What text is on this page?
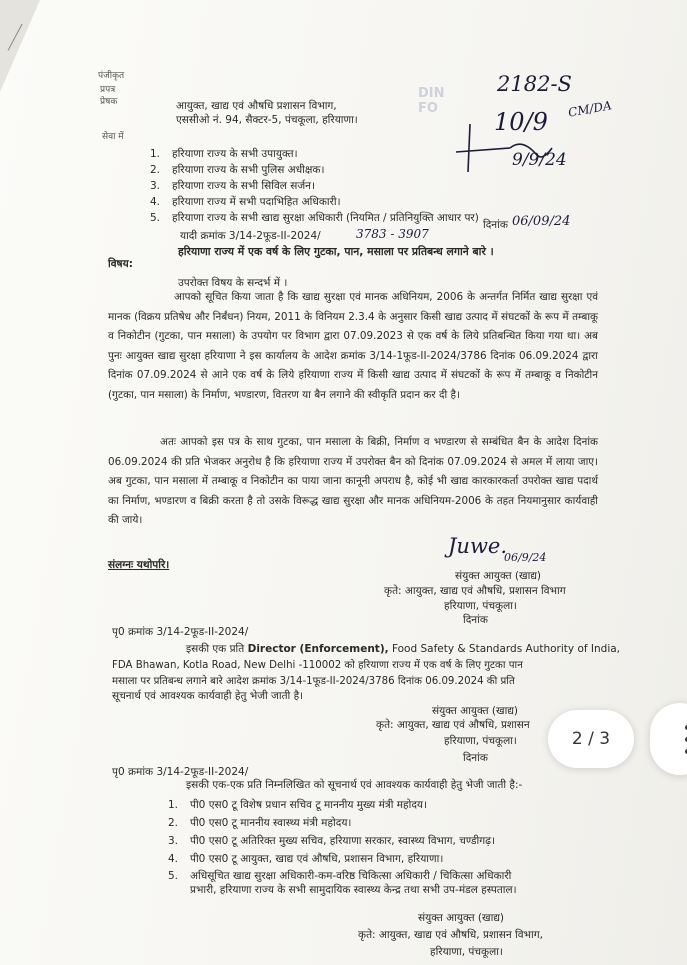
DIN
FO
पंजीकृत
प्रपत्र
प्रेषक	आयुक्त, खाद्य एवं औषधि प्रशासन विभाग,
एससीओ नं. 94, सैक्टर-5, पंचकूला, हरियाणा।
सेवा में
1. हरियाणा राज्य के सभी उपायुक्त।
2. हरियाणा राज्य के सभी पुलिस अधीक्षक।
3. हरियाणा राज्य के सभी सिविल सर्जन।
4. हरियाणा राज्य में सभी पदाभिहित अधिकारी।
5. हरियाणा राज्य के सभी खाद्य सुरक्षा अधिकारी (नियमित / प्रतिनियुक्ति आधार पर)
यादी क्रमांक 3/14-2फूड-II-2024/	3783 - 3907
दिनांक 06/09/24
2182-S
CM/DA
10/9
9/9/24
विषय:
हरियाणा राज्य में एक वर्ष के लिए गुटका, पान, मसाला पर प्रतिबन्ध लगाने बारे ।
उपरोक्त विषय के सन्दर्भ में ।
आपको सूचित किया जाता है कि खाद्य सुरक्षा एवं मानक अधिनियम, 2006 के अन्तर्गत निर्मित खाद्य सुरक्षा एवं मानक (विक्रय प्रतिषेध और निर्बंधन) नियम, 2011 के विनियम 2.3.4 के अनुसार किसी खाद्य उत्पाद में संघटकों के रूप में तम्बाकू व निकोटीन (गुटका, पान मसाला) के उपयोग पर विभाग द्वारा 07.09.2023 से एक वर्ष के लिये प्रतिबन्धित किया गया था। अब पुनः आयुक्त खाद्य सुरक्षा हरियाणा ने इस कार्यालय के आदेश क्रमांक 3/14-1फूड-II-2024/3786 दिनांक 06.09.2024 द्वारा दिनांक 07.09.2024 से आने एक वर्ष के लिये हरियाणा राज्य में किसी खाद्य उत्पाद में संघटकों के रूप में तम्बाकू व निकोटीन (गुटका, पान मसाला) के निर्माण, भण्डारण, वितरण या बैन लगाने की स्वीकृति प्रदान कर दी है।
अतः आपको इस पत्र के साथ गुटका, पान मसाला के बिक्री, निर्माण व भण्डारण से सम्बंधित बैन के आदेश दिनांक 06.09.2024 की प्रति भेजकर अनुरोध है कि हरियाणा राज्य में उपरोक्त बैन को दिनांक 07.09.2024 से अमल में लाया जाए। अब गुटका, पान मसाला में तम्बाकू व निकोटीन का पाया जाना कानूनी अपराध है, कोई भी खाद्य कारकारकर्ता उपरोक्त खाद्य पदार्थ का निर्माण, भण्डारण व बिक्री करता है तो उसके विरूद्ध खाद्य सुरक्षा और मानक अधिनियम-2006 के तहत नियमानुसार कार्यवाही की जाये।
संलग्नः यथोपरि।
Juwe.
06/9/24
संयुक्त आयुक्त (खाद्य)
कृते: आयुक्त, खाद्य एवं औषधि, प्रशासन विभाग
हरियाणा, पंचकूला।
दिनांक
पृ0 क्रमांक 3/14-2फूड-II-2024/
इसकी एक प्रति Director (Enforcement), Food Safety & Standards Authority of India,
FDA Bhawan, Kotla Road, New Delhi -110002 को हरियाणा राज्य में एक वर्ष के लिए गुटका पान
मसाला पर प्रतिबन्ध लगाने बारे आदेश क्रमांक 3/14-1फूड-II-2024/3786 दिनांक 06.09.2024 की प्रति
सूचनार्थ एवं आवश्यक कार्यवाही हेतु भेजी जाती है।
संयुक्त आयुक्त (खाद्य)
कृते: आयुक्त, खाद्य एवं औषधि, प्रशासन
हरियाणा, पंचकूला।
दिनांक
पृ0 क्रमांक 3/14-2फूड-II-2024/
इसकी एक-एक प्रति निम्नलिखित को सूचनार्थ एवं आवश्यक कार्यवाही हेतु भेजी जाती है:-
1. पी0 एस0 टू विशेष प्रधान सचिव टू माननीय मुख्य मंत्री महोदय।
2. पी0 एस0 टू माननीय स्वास्थ्य मंत्री महोदय।
3. पी0 एस0 टू अतिरिक्त मुख्य सचिव, हरियाणा सरकार, स्वास्थ्य विभाग, चण्डीगढ़।
4. पी0 एस0 टू आयुक्त, खाद्य एवं औषधि, प्रशासन विभाग, हरियाणा।
5. अधिसूचित खाद्य सुरक्षा अधिकारी-कम-वरिष्ठ चिकित्सा अधिकारी / चिकित्सा अधिकारी
प्रभारी, हरियाणा राज्य के सभी सामुदायिक स्वास्थ्य केन्द्र तथा सभी उप-मंडल हस्पताल।
संयुक्त आयुक्त (खाद्य)
कृते: आयुक्त, खाद्य एवं औषधि, प्रशासन विभाग,
हरियाणा, पंचकूला।
2 / 3
